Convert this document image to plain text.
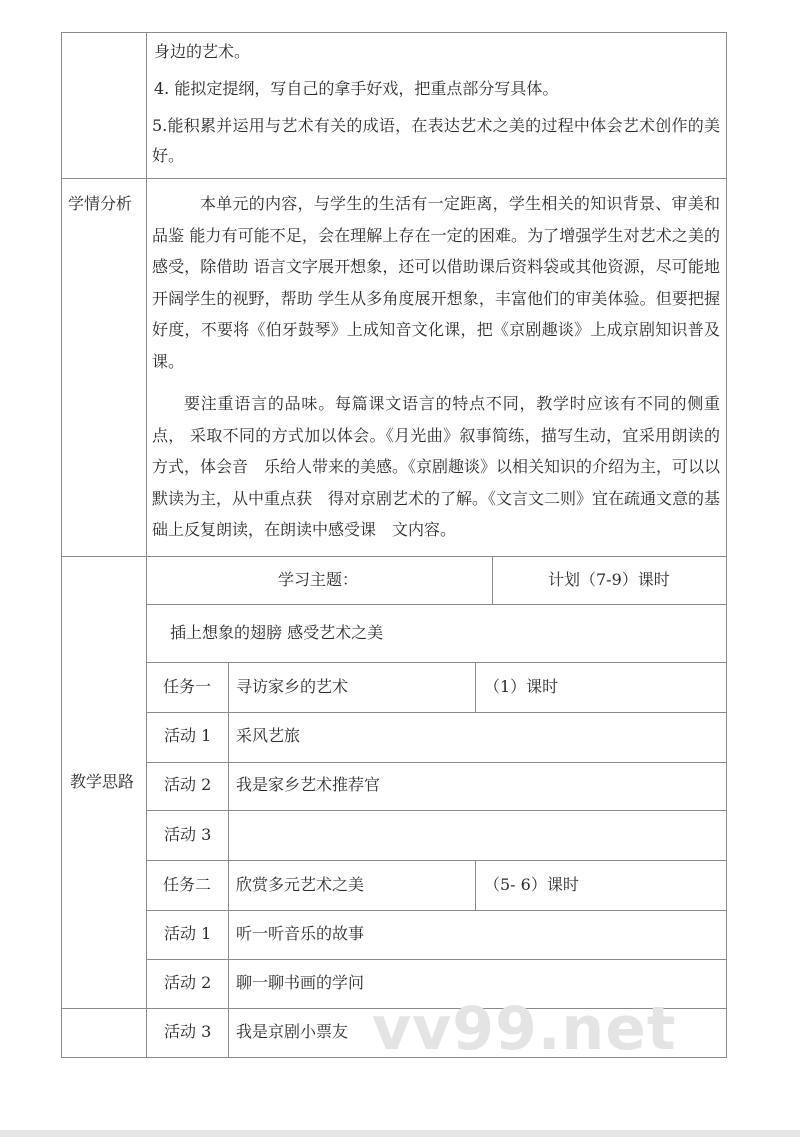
身边的艺术。
4. 能拟定提纲，写自己的拿手好戏，把重点部分写具体。
5.能积累并运用与艺术有关的成语，在表达艺术之美的过程中体会艺术创作的美好。
学情分析	本单元的内容，与学生的生活有一定距离，学生相关的知识背景、审美和品鉴 能力有可能不足，会在理解上存在一定的困难。为了增强学生对艺术之美的感受，除借助 语言文字展开想象，还可以借助课后资料袋或其他资源，尽可能地开阔学生的视野，帮助 学生从多角度展开想象，丰富他们的审美体验。但要把握好度，不要将《伯牙鼓琴》上成知音文化课，把《京剧趣谈》上成京剧知识普及课。
要注重语言的品味。每篇课文语言的特点不同，教学时应该有不同的侧重点， 采取不同的方式加以体会。《月光曲》叙事简练，描写生动，宜采用朗读的方式，体会音　乐给人带来的美感。《京剧趣谈》以相关知识的介绍为主，可以以默读为主，从中重点获　得对京剧艺术的了解。《文言文二则》宜在疏通文意的基础上反复朗读，在朗读中感受课　文内容。
教学思路
学习主题：	计划（7-9）课时
插上想象的翅膀 感受艺术之美
任务一 寻访家乡的艺术	（1）课时
活动 1 采风艺旅
活动 2 我是家乡艺术推荐官
活动 3
任务二 欣赏多元艺术之美	（5- 6）课时
活动 1 听一听音乐的故事
活动 2 聊一聊书画的学问
活动 3 我是京剧小票友 vv99.net
